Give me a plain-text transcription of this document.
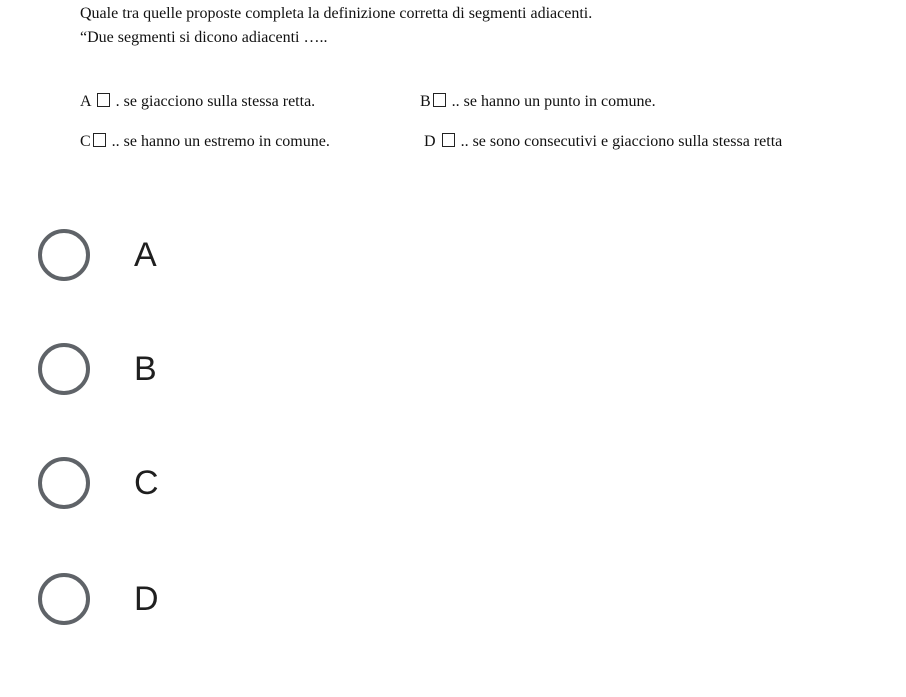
Quale tra quelle proposte completa la definizione corretta di segmenti adiacenti.

“Due segmenti si dicono adiacenti …..

A . se giacciono sulla stessa retta.	B .. se hanno un punto in comune.
C .. se hanno un estremo in comune.	D .. se sono consecutivi e giacciono sulla stessa retta
A
B
C
D
